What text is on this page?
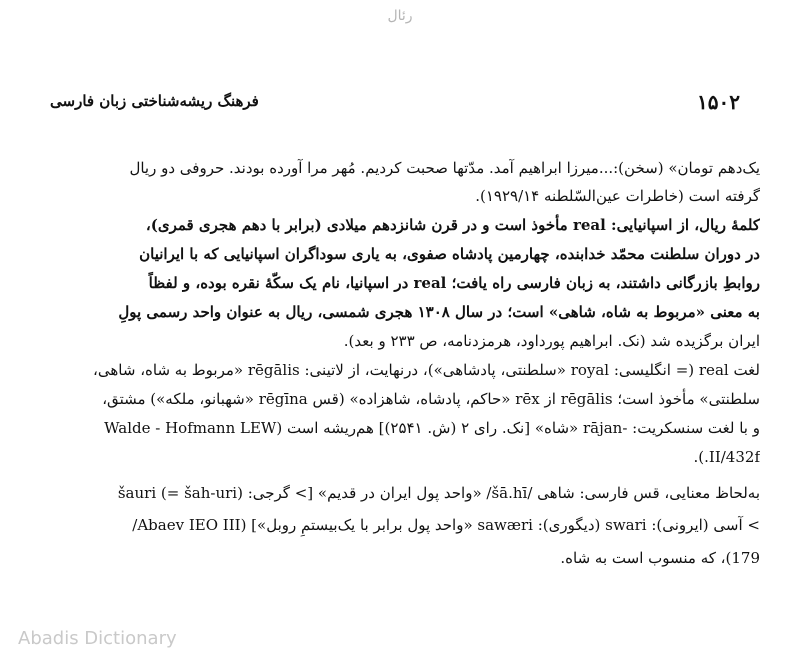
رئال
فرهنگ ریشه‌شناختی زبان فارسی	۱۵۰۲
یک‌دهم تومان» (سخن):...میرزا ابراهیم آمد. مدّتها صحبت کردیم. مُهر مرا آورده بودند. حروفی دو ریال
گرفته است (خاطرات عین‌السّلطنه ۱۹۲۹/۱۴).
کلمهٔ ریال، از اسپانیایی: real مأخوذ است و در قرن شانزدهم میلادی (برابر با دهم هجری قمری)،
در دوران سلطنت محمّد خدابنده، چهارمین پادشاه صفوی، به یاری سوداگران اسپانیایی که با ایرانیان
روابطِ بازرگانی داشتند، به زبان فارسی راه یافت؛ real در اسپانیا، نام یک سکّهٔ نقره بوده، و لفظاً
به معنی «مربوط به شاه، شاهی» است؛ در سال ۱۳۰۸ هجری شمسی، ریال به عنوان واحد رسمی پولِ
ایران برگزیده شد (نک. ابراهیم پورداود، هرمزدنامه، ص ۲۳۳ و بعد).
لغت real (= انگلیسی: royal «سلطنتی، پادشاهی»)، درنهایت، از لاتینی: rēgālis «مربوط به شاه، شاهی،
سلطنتی» مأخوذ است؛ rēgālis از rēx «حاکم، پادشاه، شاهزاده» (قس rēgīna «شهبانو، ملکه») مشتق،
و با لغت سنسکریت: -rājan «شاه» [نک. رای ۲ (ش. ۲۵۴۱)] هم‌ریشه است (Walde - Hofmann LEW
II/432f.).
به‌لحاظ معنایی، قس فارسی: شاهی /šā.hī/ «واحد پول ایران در قدیم» [> گرجی: šauri (= šah-uri)
> آسی (ایرونی): swari (دیگوری): sawæri «واحد پول برابر با یک‌بیستمِ روبل»] (Abaev IEO III/
179)، که منسوب است به شاه.
Abadis Dictionary
